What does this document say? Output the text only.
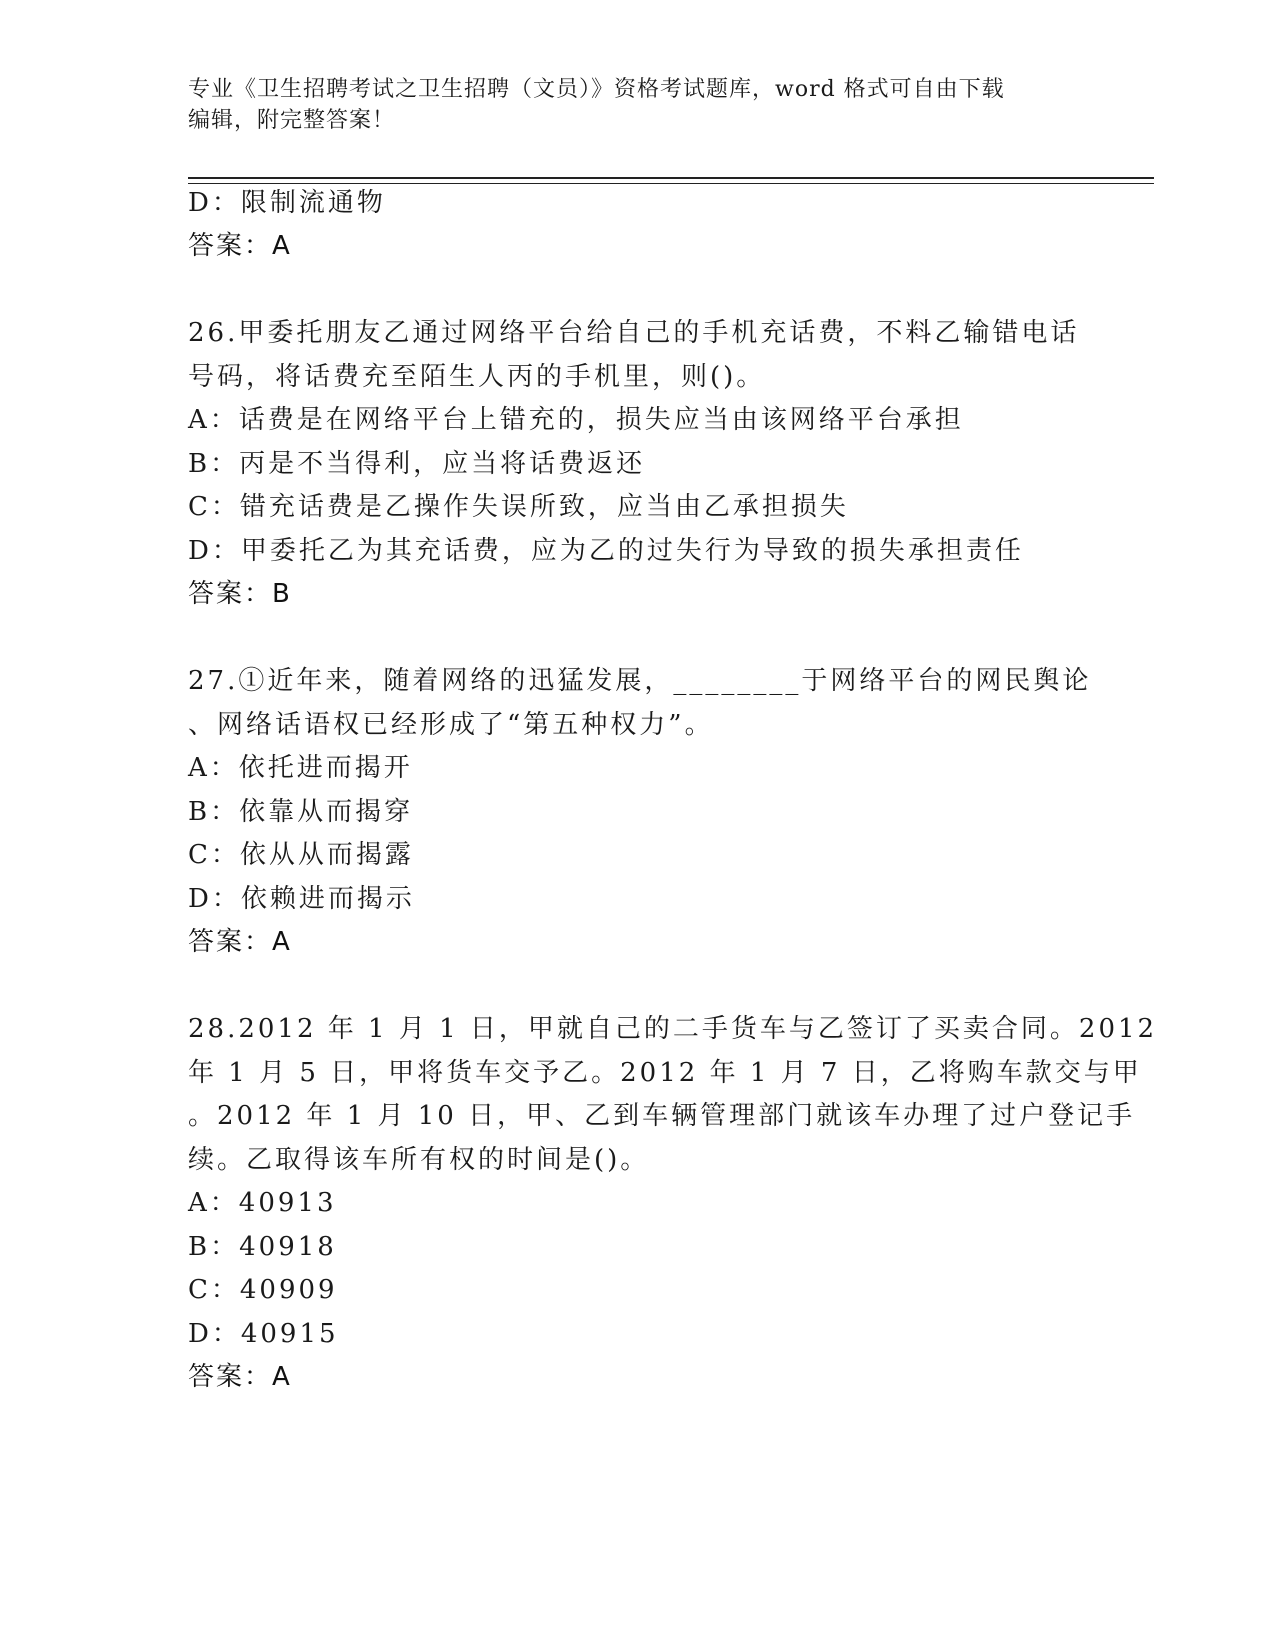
专业《卫生招聘考试之卫生招聘（文员）》资格考试题库，word 格式可自由下载
编辑，附完整答案！
D：限制流通物
答案：A
26.甲委托朋友乙通过网络平台给自己的手机充话费，不料乙输错电话
号码，将话费充至陌生人丙的手机里，则()。
A：话费是在网络平台上错充的，损失应当由该网络平台承担
B：丙是不当得利，应当将话费返还
C：错充话费是乙操作失误所致，应当由乙承担损失
D：甲委托乙为其充话费，应为乙的过失行为导致的损失承担责任
答案：B
27.①近年来，随着网络的迅猛发展，________于网络平台的网民舆论
、网络话语权已经形成了“第五种权力”。
A：依托进而揭开
B：依靠从而揭穿
C：依从从而揭露
D：依赖进而揭示
答案：A
28.2012 年 1 月 1 日，甲就自己的二手货车与乙签订了买卖合同。2012
年 1 月 5 日，甲将货车交予乙。2012 年 1 月 7 日，乙将购车款交与甲
。2012 年 1 月 10 日，甲、乙到车辆管理部门就该车办理了过户登记手
续。乙取得该车所有权的时间是()。
A：40913
B：40918
C：40909
D：40915
答案：A
